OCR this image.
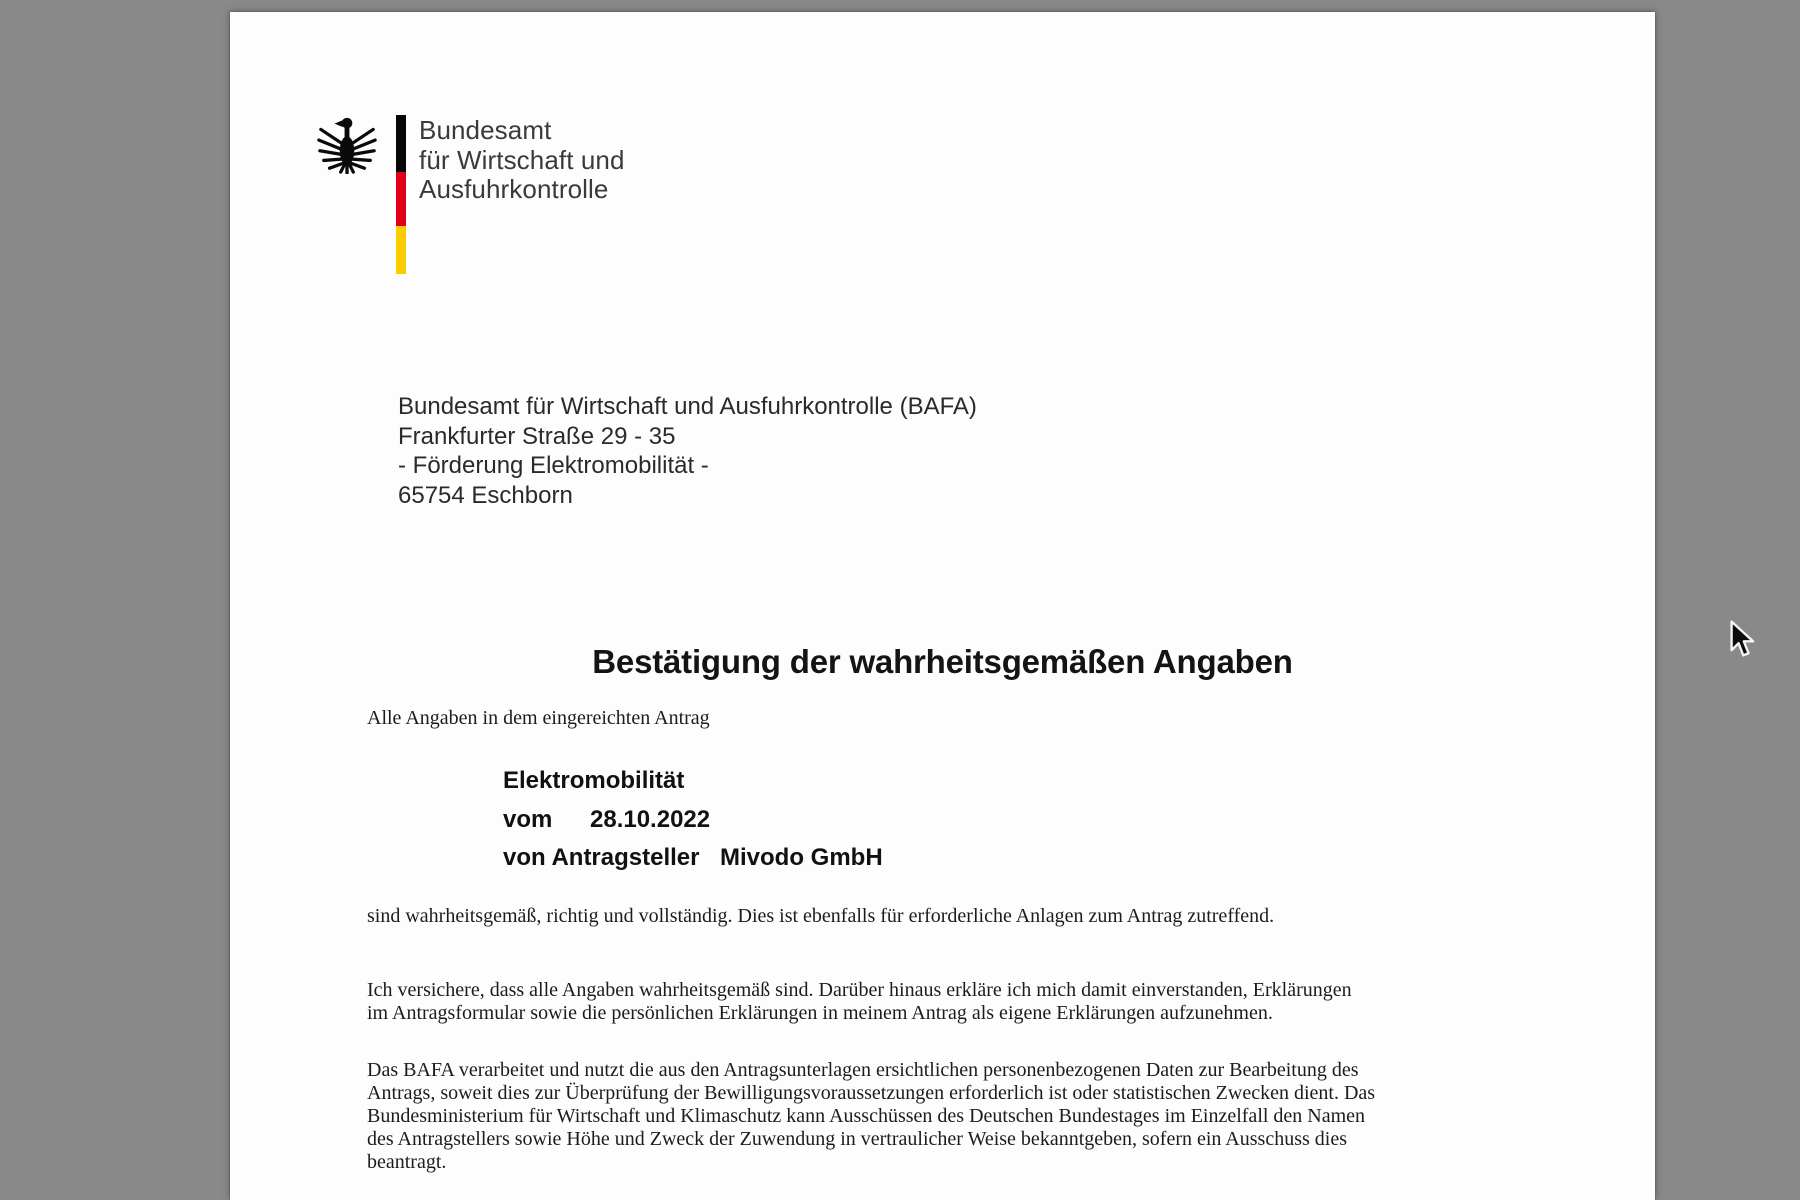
Bundesamt
für Wirtschaft und
Ausfuhrkontrolle
Bundesamt für Wirtschaft und Ausfuhrkontrolle (BAFA)
Frankfurter Straße 29 - 35
- Förderung Elektromobilität -
65754 Eschborn
Bestätigung der wahrheitsgemäßen Angaben
Alle Angaben in dem eingereichten Antrag
Elektromobilität
vom 28.10.2022
von Antragsteller Mivodo GmbH
sind wahrheitsgemäß, richtig und vollständig. Dies ist ebenfalls für erforderliche Anlagen zum Antrag zutreffend.
Ich versichere, dass alle Angaben wahrheitsgemäß sind. Darüber hinaus erkläre ich mich damit einverstanden, Erklärungen
im Antragsformular sowie die persönlichen Erklärungen in meinem Antrag als eigene Erklärungen aufzunehmen.
Das BAFA verarbeitet und nutzt die aus den Antragsunterlagen ersichtlichen personenbezogenen Daten zur Bearbeitung des
Antrags, soweit dies zur Überprüfung der Bewilligungsvoraussetzungen erforderlich ist oder statistischen Zwecken dient. Das
Bundesministerium für Wirtschaft und Klimaschutz kann Ausschüssen des Deutschen Bundestages im Einzelfall den Namen
des Antragstellers sowie Höhe und Zweck der Zuwendung in vertraulicher Weise bekanntgeben, sofern ein Ausschuss dies
beantragt.
